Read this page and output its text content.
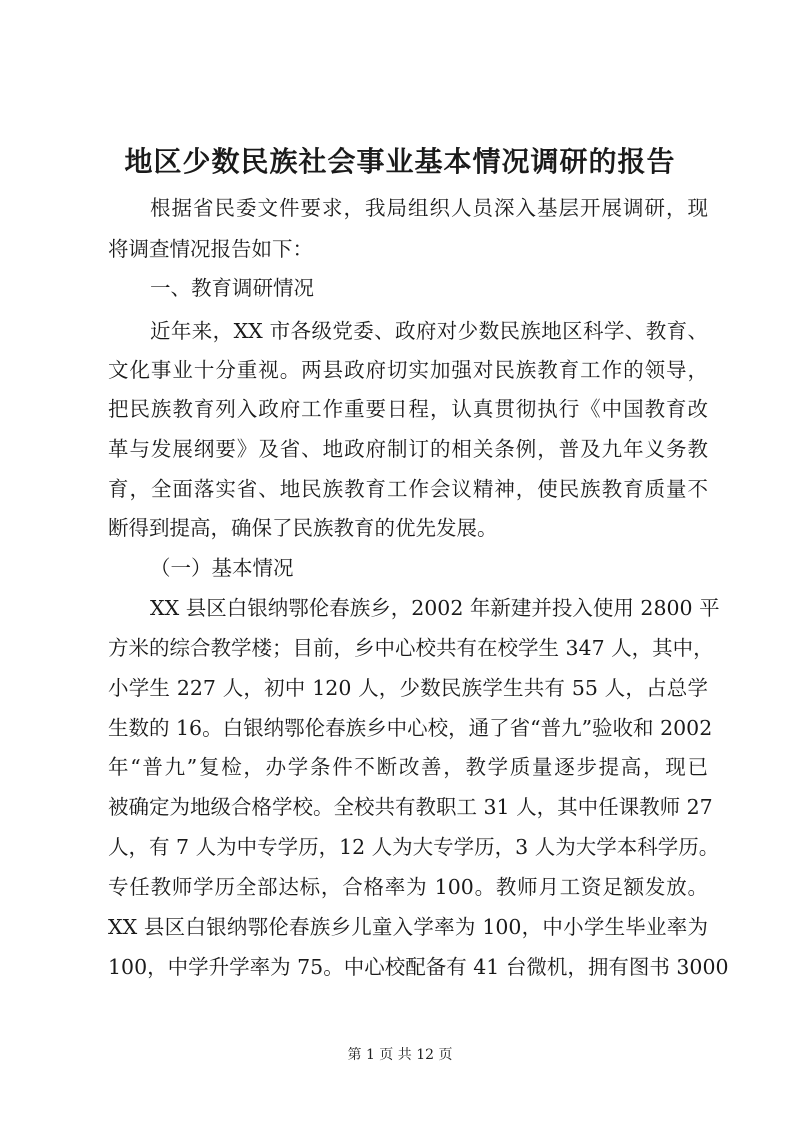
地区少数民族社会事业基本情况调研的报告

根据省民委文件要求，我局组织人员深入基层开展调研，现

将调查情况报告如下：

一、教育调研情况

近年来，XX 市各级党委、政府对少数民族地区科学、教育、

文化事业十分重视。两县政府切实加强对民族教育工作的领导，

把民族教育列入政府工作重要日程，认真贯彻执行《中国教育改

革与发展纲要》及省、地政府制订的相关条例，普及九年义务教

育，全面落实省、地民族教育工作会议精神，使民族教育质量不

断得到提高，确保了民族教育的优先发展。

（一）基本情况

XX 县区白银纳鄂伦春族乡，2002 年新建并投入使用 2800 平

方米的综合教学楼；目前，乡中心校共有在校学生 347 人，其中，

小学生 227 人，初中 120 人，少数民族学生共有 55 人，占总学

生数的 16。白银纳鄂伦春族乡中心校，通了省“普九”验收和 2002

年“普九”复检，办学条件不断改善，教学质量逐步提高，现已

被确定为地级合格学校。全校共有教职工 31 人，其中任课教师 27

人，有 7 人为中专学历，12 人为大专学历，3 人为大学本科学历。

专任教师学历全部达标，合格率为 100。教师月工资足额发放。

XX 县区白银纳鄂伦春族乡儿童入学率为 100，中小学生毕业率为

100，中学升学率为 75。中心校配备有 41 台微机，拥有图书 3000

第 1 页 共 12 页
